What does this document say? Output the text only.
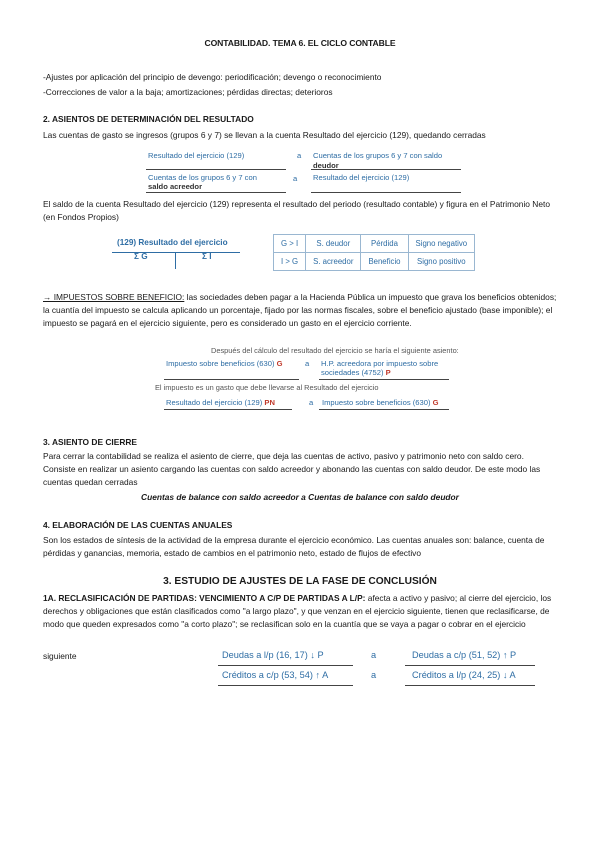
CONTABILIDAD. TEMA 6. EL CICLO CONTABLE
-Ajustes por aplicación del principio de devengo: periodificación; devengo o reconocimiento
-Correcciones de valor a la baja; amortizaciones; pérdidas directas; deterioros
2. ASIENTOS DE DETERMINACIÓN DEL RESULTADO
Las cuentas de gasto se ingresos (grupos 6 y 7) se llevan a la cuenta Resultado del ejercicio (129), quedando cerradas
Resultado del ejercicio (129)	a Cuentas de los grupos 6 y 7 con saldo
deudor
Cuentas de los grupos 6 y 7 con
saldo acreedor
a Resultado del ejercicio (129)
El saldo de la cuenta Resultado del ejercicio (129) representa el resultado del periodo (resultado contable) y figura en el Patrimonio Neto (en Fondos Propios)
(129) Resultado del ejercicio
Σ G	Σ I
G > I	S. deudor	Pérdida	Signo negativo
I > G	S. acreedor	Beneficio	Signo positivo
→ IMPUESTOS SOBRE BENEFICIO: las sociedades deben pagar a la Hacienda Pública un impuesto que grava los beneficios obtenidos; la cuantía del impuesto se calcula aplicando un porcentaje, fijado por las normas fiscales, sobre el beneficio ajustado (base imponible); el impuesto se pagará en el ejercicio siguiente, pero es considerado un gasto en el ejercicio corriente.
Después del cálculo del resultado del ejercicio se haría el siguiente asiento:
Impuesto sobre beneficios (630) G	a H.P. acreedora por impuesto sobre
sociedades (4752) P
El impuesto es un gasto que debe llevarse al Resultado del ejercicio
Resultado del ejercicio (129) PN	a Impuesto sobre beneficios (630) G
3. ASIENTO DE CIERRE
Para cerrar la contabilidad se realiza el asiento de cierre, que deja las cuentas de activo, pasivo y patrimonio neto con saldo cero. Consiste en realizar un asiento cargando las cuentas con saldo acreedor y abonando las cuentas con saldo deudor. De este modo las cuentas quedan cerradas
Cuentas de balance con saldo acreedor a Cuentas de balance con saldo deudor
4. ELABORACIÓN DE LAS CUENTAS ANUALES
Son los estados de síntesis de la actividad de la empresa durante el ejercicio económico. Las cuentas anuales son: balance, cuenta de pérdidas y ganancias, memoria, estado de cambios en el patrimonio neto, estado de flujos de efectivo
3. ESTUDIO DE AJUSTES DE LA FASE DE CONCLUSIÓN
1A. RECLASIFICACIÓN DE PARTIDAS: VENCIMIENTO A C/P DE PARTIDAS A L/P: afecta a activo y pasivo; al cierre del ejercicio, los derechos y obligaciones que están clasificados como "a largo plazo", y que venzan en el ejercicio siguiente, tienen que reclasificarse, de modo que queden expresados como "a corto plazo"; se reclasifican solo en la cuantía que se vaya a pagar o cobrar en el ejercicio
siguiente	Deudas a l/p (16, 17) ↓ P	a	Deudas a c/p (51, 52) ↑ P
Créditos a c/p (53, 54) ↑ A	a	Créditos a l/p (24, 25) ↓ A
